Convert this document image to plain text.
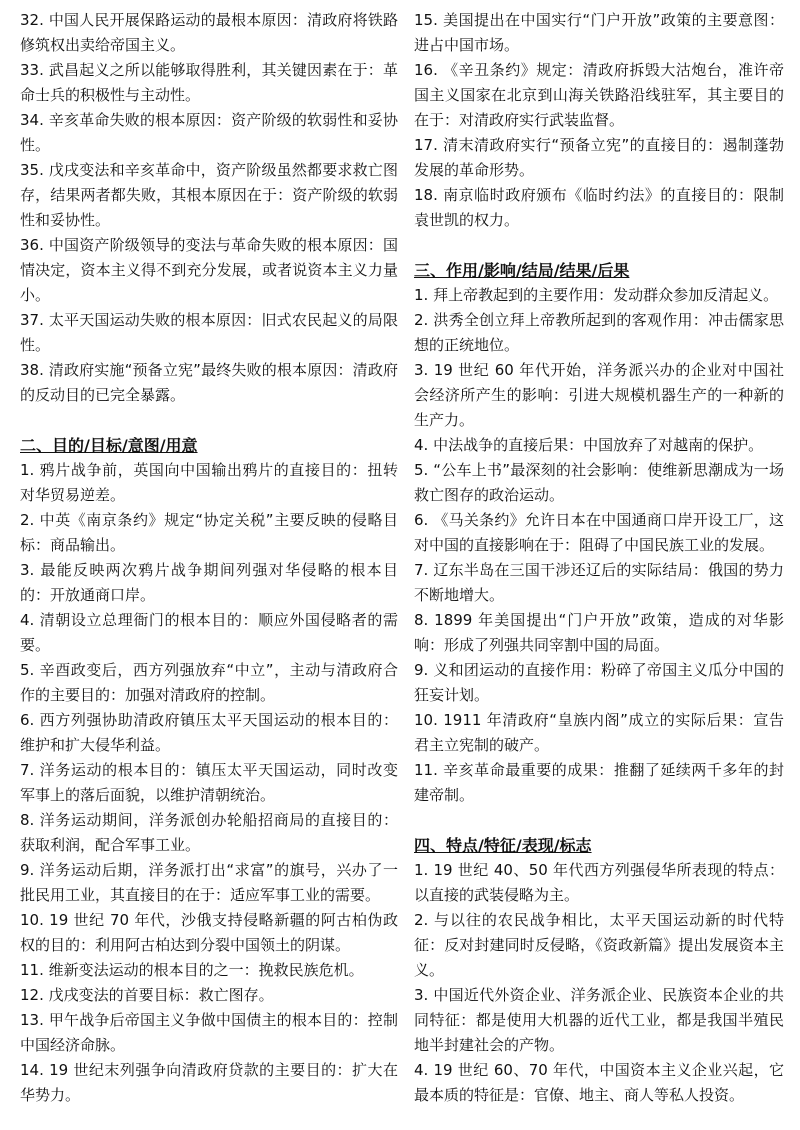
32. 中国人民开展保路运动的最根本原因：清政府将铁路修筑权出卖给帝国主义。

33. 武昌起义之所以能够取得胜利，其关键因素在于：革命士兵的积极性与主动性。

34. 辛亥革命失败的根本原因：资产阶级的软弱性和妥协性。

35. 戊戌变法和辛亥革命中，资产阶级虽然都要求救亡图存，结果两者都失败，其根本原因在于：资产阶级的软弱性和妥协性。

36. 中国资产阶级领导的变法与革命失败的根本原因：国情决定，资本主义得不到充分发展，或者说资本主义力量小。

37. 太平天国运动失败的根本原因：旧式农民起义的局限性。

38. 清政府实施“预备立宪”最终失败的根本原因：清政府的反动目的已完全暴露。

二、目的/目标/意图/用意

1. 鸦片战争前，英国向中国输出鸦片的直接目的：扭转对华贸易逆差。

2. 中英《南京条约》规定“协定关税”主要反映的侵略目标：商品输出。

3. 最能反映两次鸦片战争期间列强对华侵略的根本目的：开放通商口岸。

4. 清朝设立总理衙门的根本目的：顺应外国侵略者的需要。

5. 辛酉政变后，西方列强放弃“中立”，主动与清政府合作的主要目的：加强对清政府的控制。

6. 西方列强协助清政府镇压太平天国运动的根本目的：维护和扩大侵华利益。

7. 洋务运动的根本目的：镇压太平天国运动，同时改变军事上的落后面貌，以维护清朝统治。

8. 洋务运动期间，洋务派创办轮船招商局的直接目的：获取利润，配合军事工业。

9. 洋务运动后期，洋务派打出“求富”的旗号，兴办了一批民用工业，其直接目的在于：适应军事工业的需要。

10. 19 世纪 70 年代，沙俄支持侵略新疆的阿古柏伪政权的目的：利用阿古柏达到分裂中国领土的阴谋。

11. 维新变法运动的根本目的之一：挽救民族危机。

12. 戊戌变法的首要目标：救亡图存。

13. 甲午战争后帝国主义争做中国债主的根本目的：控制中国经济命脉。

14. 19 世纪末列强争向清政府贷款的主要目的：扩大在华势力。

15. 美国提出在中国实行“门户开放”政策的主要意图：进占中国市场。

16. 《辛丑条约》规定：清政府拆毁大沽炮台，准许帝国主义国家在北京到山海关铁路沿线驻军，其主要目的在于：对清政府实行武装监督。

17. 清末清政府实行“预备立宪”的直接目的：遏制蓬勃发展的革命形势。

18. 南京临时政府颁布《临时约法》的直接目的：限制袁世凯的权力。

三、作用/影响/结局/结果/后果

1. 拜上帝教起到的主要作用：发动群众参加反清起义。

2. 洪秀全创立拜上帝教所起到的客观作用：冲击儒家思想的正统地位。

3. 19 世纪 60 年代开始，洋务派兴办的企业对中国社会经济所产生的影响：引进大规模机器生产的一种新的生产力。

4. 中法战争的直接后果：中国放弃了对越南的保护。

5. “公车上书”最深刻的社会影响：使维新思潮成为一场救亡图存的政治运动。

6. 《马关条约》允许日本在中国通商口岸开设工厂，这对中国的直接影响在于：阻碍了中国民族工业的发展。

7. 辽东半岛在三国干涉还辽后的实际结局：俄国的势力不断地增大。

8. 1899 年美国提出“门户开放”政策，造成的对华影响：形成了列强共同宰割中国的局面。

9. 义和团运动的直接作用：粉碎了帝国主义瓜分中国的狂妄计划。

10. 1911 年清政府“皇族内阁”成立的实际后果：宣告君主立宪制的破产。

11. 辛亥革命最重要的成果：推翻了延续两千多年的封建帝制。

四、特点/特征/表现/标志

1. 19 世纪 40、50 年代西方列强侵华所表现的特点：以直接的武装侵略为主。

2. 与以往的农民战争相比，太平天国运动新的时代特征：反对封建同时反侵略，《资政新篇》提出发展资本主义。

3. 中国近代外资企业、洋务派企业、民族资本企业的共同特征：都是使用大机器的近代工业，都是我国半殖民地半封建社会的产物。

4. 19 世纪 60、70 年代，中国资本主义企业兴起，它最本质的特征是：官僚、地主、商人等私人投资。
